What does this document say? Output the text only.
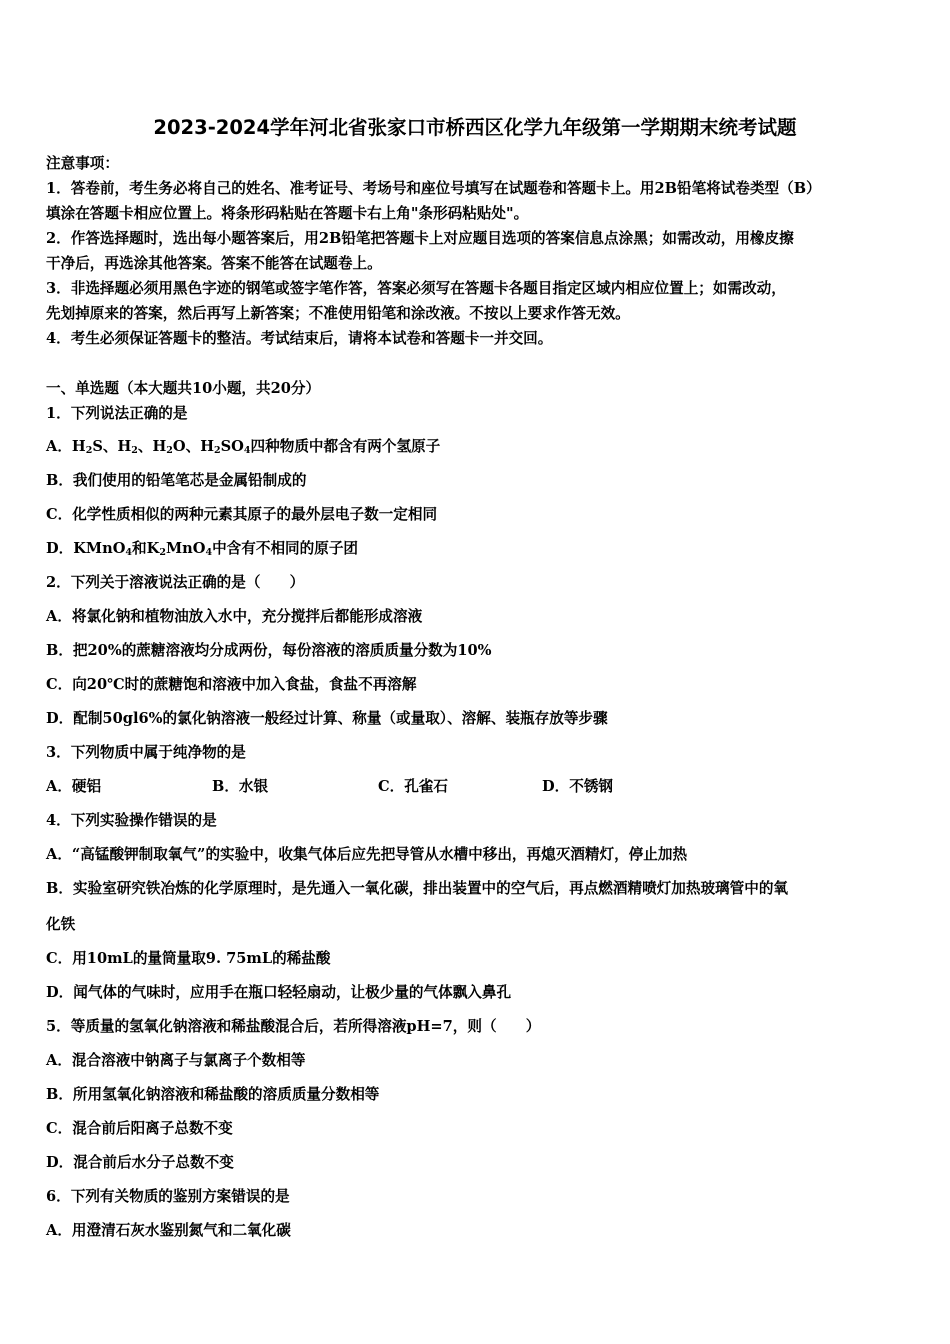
2023-2024学年河北省张家口市桥西区化学九年级第一学期期末统考试题
注意事项：
1．答卷前，考生务必将自己的姓名、准考证号、考场号和座位号填写在试题卷和答题卡上。用2B铅笔将试卷类型（B）
填涂在答题卡相应位置上。将条形码粘贴在答题卡右上角"条形码粘贴处"。
2．作答选择题时，选出每小题答案后，用2B铅笔把答题卡上对应题目选项的答案信息点涂黑；如需改动，用橡皮擦
干净后，再选涂其他答案。答案不能答在试题卷上。
3．非选择题必须用黑色字迹的钢笔或签字笔作答，答案必须写在答题卡各题目指定区域内相应位置上；如需改动，
先划掉原来的答案，然后再写上新答案；不准使用铅笔和涂改液。不按以上要求作答无效。
4．考生必须保证答题卡的整洁。考试结束后，请将本试卷和答题卡一并交回。
一、单选题（本大题共10小题，共20分）
1．下列说法正确的是
A．$H_2S$、$H_2$、$H_2O$、$H_2SO_4$四种物质中都含有两个氢原子
B．我们使用的铅笔笔芯是金属铅制成的
C．化学性质相似的两种元素其原子的最外层电子数一定相同
D．KMnO$_4$和$K_2MnO_4$中含有不相同的原子团
2．下列关于溶液说法正确的是（　　）
A．将氯化钠和植物油放入水中，充分搅拌后都能形成溶液
B．把20%的蔗糖溶液均分成两份，每份溶液的溶质质量分数为10%
C．向20℃时的蔗糖饱和溶液中加入食盐，食盐不再溶解
D．配制50gl6%的氯化钠溶液一般经过计算、称量（或量取）、溶解、装瓶存放等步骤
3．下列物质中属于纯净物的是
A．硬铝	B．水银	C．孔雀石	D．不锈钢
4．下列实验操作错误的是
A．“高锰酸钾制取氧气”的实验中，收集气体后应先把导管从水槽中移出，再熄灭酒精灯，停止加热
B．实验室研究铁冶炼的化学原理时，是先通入一氧化碳，排出装置中的空气后，再点燃酒精喷灯加热玻璃管中的氧
化铁
C．用10mL的量筒量取9. 75mL的稀盐酸
D．闻气体的气味时，应用手在瓶口轻轻扇动，让极少量的气体飘入鼻孔
5．等质量的氢氧化钠溶液和稀盐酸混合后，若所得溶液pH=7，则（　　）
A．混合溶液中钠离子与氯离子个数相等
B．所用氢氧化钠溶液和稀盐酸的溶质质量分数相等
C．混合前后阳离子总数不变
D．混合前后水分子总数不变
6．下列有关物质的鉴别方案错误的是
A．用澄清石灰水鉴别氮气和二氧化碳
